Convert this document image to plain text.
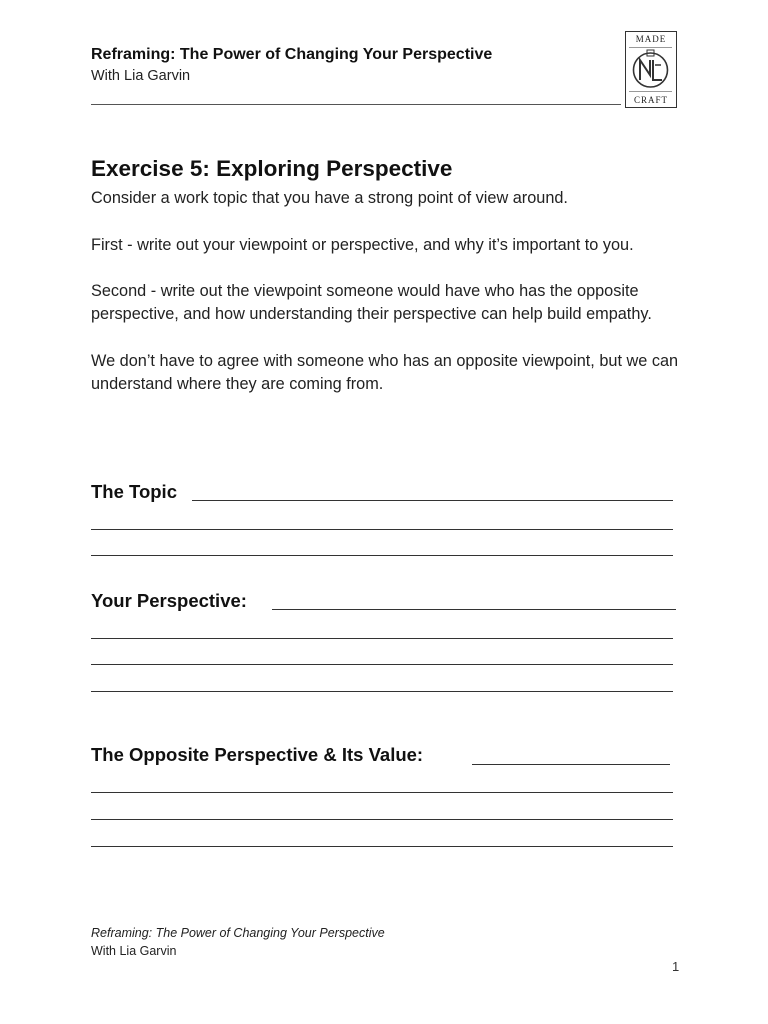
Reframing: The Power of Changing Your Perspective
With Lia Garvin
MADE
CRAFT
Exercise 5: Exploring Perspective

Consider a work topic that you have a strong point of view around.

First - write out your viewpoint or perspective, and why it’s important to you.

Second - write out the viewpoint someone would have who has the opposite perspective, and how understanding their perspective can help build empathy.

We don’t have to agree with someone who has an opposite viewpoint, but we can understand where they are coming from.

The Topic
Your Perspective:
The Opposite Perspective & Its Value:
Reframing: The Power of Changing Your Perspective
With Lia Garvin
1
